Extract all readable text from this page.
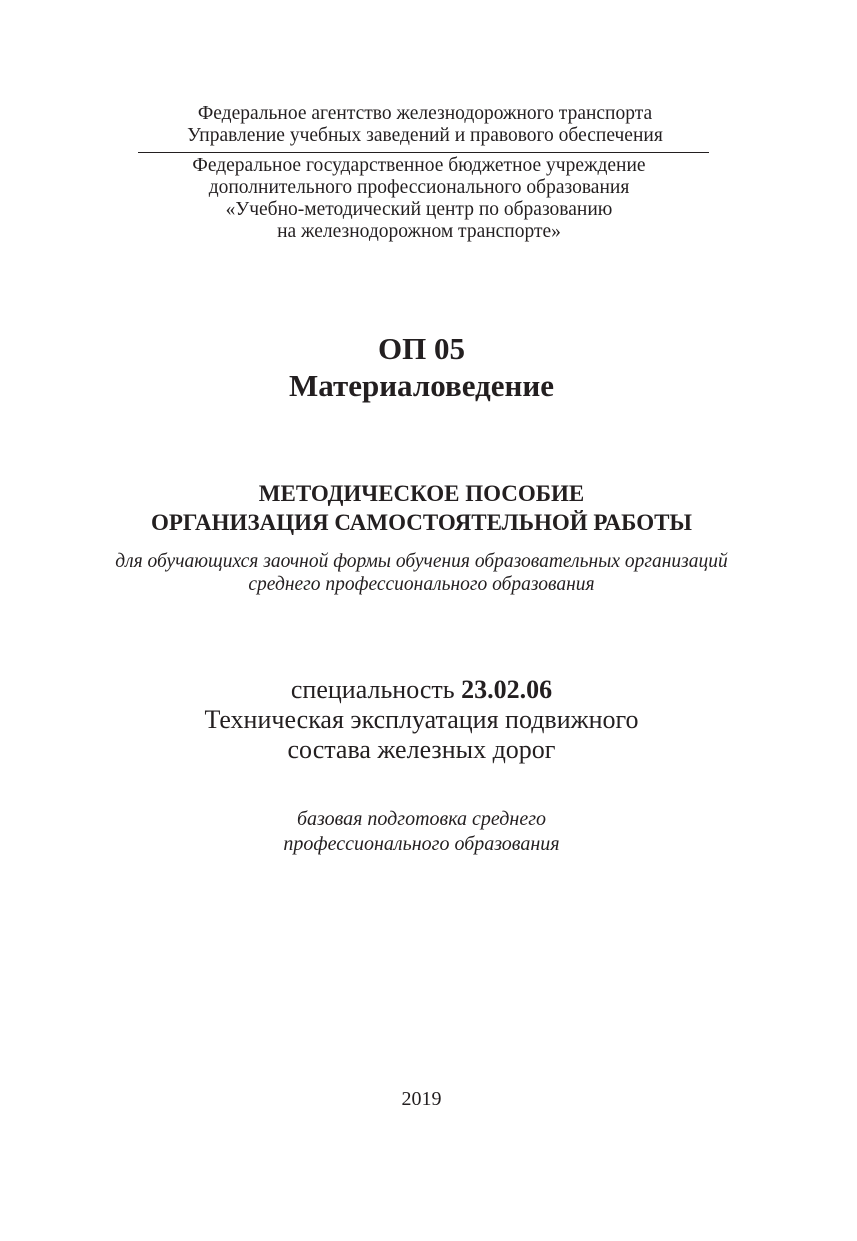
Федеральное агентство железнодорожного транспорта
Управление учебных заведений и правового обеспечения
Федеральное государственное бюджетное учреждение
дополнительного профессионального образования
«Учебно-методический центр по образованию
на железнодорожном транспорте»
ОП 05
Материаловедение
МЕТОДИЧЕСКОЕ ПОСОБИЕ
ОРГАНИЗАЦИЯ САМОСТОЯТЕЛЬНОЙ РАБОТЫ
для обучающихся заочной формы обучения образовательных организаций
среднего профессионального образования
специальность 23.02.06
Техническая эксплуатация подвижного
состава железных дорог
базовая подготовка среднего
профессионального образования
2019
